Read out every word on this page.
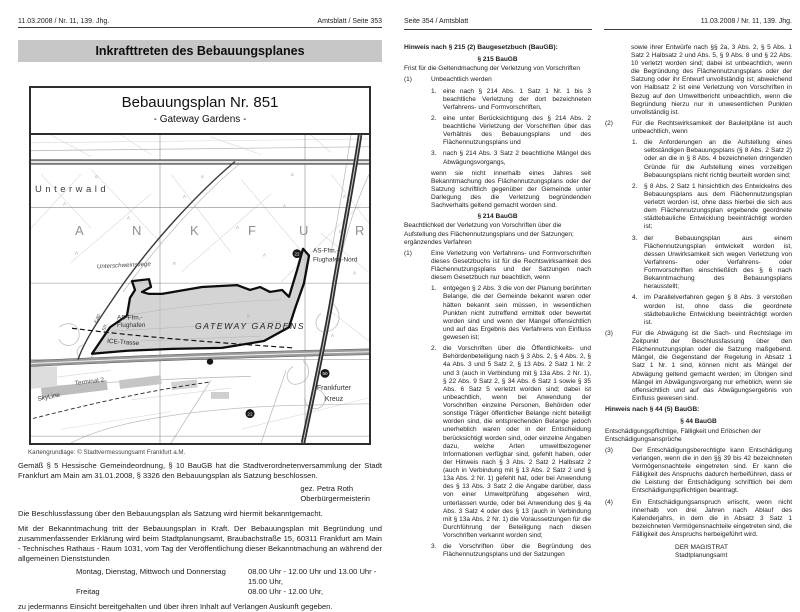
11.03.2008 / Nr. 11, 139. Jhg.	Amtsblatt / Seite 353
Inkrafttreten des Bebauungsplanes
Bebauungsplan Nr. 851
- Gateway Gardens -
22
50
22
Λ
Λ
Λ
Λ
Λ
Λ
Λ
Λ	Λ
Λ
α	α	α
α
α
α
Unterwald
A	N	K	F	U	R
Unterschweinstiege
AS-Ffm.-
Flughafen-Nord
AS-Ffm.-
Flughafen
Kap.
Str.	GATEWAY GARDENS
ICE-Trasse
SkyLine
Terminal 2
Frankfurter
Kreuz
Kartengrundlage: © Stadtvermessungsamt Frankfurt a.M.

Gemäß § 5 Hessische Gemeindeordnung, § 10 BauGB hat die Stadtverordnetenversammlung der Stadt Frankfurt am Main am 31.01.2008, § 3326 den Bebauungsplan als Satzung beschlossen.

gez. Petra Roth
Oberbürgermeisterin

Die Beschlussfassung über den Bebauungsplan als Satzung wird hiermit bekanntgemacht.

Mit der Bekanntmachung tritt der Bebauungsplan in Kraft. Der Bebauungsplan mit Begründung und zusammenfassender Erklärung wird beim Stadtplanungsamt, Braubachstraße 15, 60311 Frankfurt am Main - Technisches Rathaus - Raum 1031, vom Tag der Veröffentlichung dieser Bekanntmachung an während der allgemeinen Dienststunden

Montag, Dienstag, Mittwoch und Donnerstag	08.00 Uhr - 12.00 Uhr und 13.00 Uhr - 15.00 Uhr,
Freitag	08.00 Uhr - 12.00 Uhr,

zu jedermanns Einsicht bereitgehalten und über ihren Inhalt auf Verlangen Auskunft gegeben.

Seite 354 / Amtsblatt	11.03.2008 / Nr. 11, 139. Jhg.
Hinweis nach § 215 (2) Baugesetzbuch (BauGB):
§ 215 BauGB
Frist für die Geltendmachung der Verletzung von Vorschriften
(1)	Unbeachtlich werden
1.	eine nach § 214 Abs. 1 Satz 1 Nr. 1 bis 3 beachtliche Verletzung der dort bezeichneten Verfahrens- und Formvorschriften,
2.	eine unter Berücksichtigung des § 214 Abs. 2 beachtliche Verletzung der Vorschriften über das Verhältnis des Bebauungsplans und des Flächennutzungsplans und
3.	nach § 214 Abs. 3 Satz 2 beachtliche Mängel des Abwägungsvorgangs,
wenn sie nicht innerhalb eines Jahres seit Bekanntmachung des Flächennutzungsplans oder der Satzung schriftlich gegenüber der Gemeinde unter Darlegung des die Verletzung begründenden Sachverhalts geltend gemacht worden sind.
§ 214 BauGB
Beachtlichkeit der Verletzung von Vorschriften über die Aufstellung des Flächennutzungsplans und der Satzungen; ergänzendes Verfahren
(1)	Eine Verletzung von Verfahrens- und Formvorschriften dieses Gesetzbuchs ist für die Rechtswirksamkeit des Flächennutzungsplans und der Satzungen nach diesem Gesetzbuch nur beachtlich, wenn
1.	entgegen § 2 Abs. 3 die von der Planung berührten Belange, die der Gemeinde bekannt waren oder hätten bekannt sein müssen, in wesentlichen Punkten nicht zutreffend ermittelt oder bewertet worden sind und wenn der Mangel offensichtlich und auf das Ergebnis des Verfahrens von Einfluss gewesen ist;
2.	die Vorschriften über die Öffentlichkeits- und Behördenbeteiligung nach § 3 Abs. 2, § 4 Abs. 2, § 4a Abs. 3 und 5 Satz 2, § 13 Abs. 2 Satz 1 Nr. 2 und 3 (auch in Verbindung mit § 13a Abs. 2 Nr. 1), § 22 Abs. 9 Satz 2, § 34 Abs. 6 Satz 1 sowie § 35 Abs. 6 Satz 5 verletzt worden sind; dabei ist unbeachtlich, wenn bei Anwendung der Vorschriften einzelne Personen, Behörden oder sonstige Träger öffentlicher Belange nicht beteiligt worden sind, die entsprechenden Belange jedoch unerheblich waren oder in der Entscheidung berücksichtigt worden sind, oder einzelne Angaben dazu, welche Arten umweltbezogener Informationen verfügbar sind, gefehlt haben, oder der Hinweis nach § 3 Abs. 2 Satz 2 Halbsatz 2 (auch in Verbindung mit § 13 Abs. 2 Satz 2 und § 13a Abs. 2 Nr. 1) gefehlt hat, oder bei Anwendung des § 13 Abs. 3 Satz 2 die Angabe darüber, dass von einer Umweltprüfung abgesehen wird, unterlassen wurde, oder bei Anwendung des § 4a Abs. 3 Satz 4 oder des § 13 (auch in Verbindung mit § 13a Abs. 2 Nr. 1) die Voraussetzungen für die Durchführung der Beteiligung nach diesen Vorschriften verkannt worden sind;
3.	die Vorschriften über die Begründung des Flächennutzungsplans und der Satzungen
sowie ihrer Entwürfe nach §§ 2a, 3 Abs. 2, § 5 Abs. 1 Satz 2 Halbsatz 2 und Abs. 5, § 9 Abs. 8 und § 22 Abs. 10 verletzt worden sind; dabei ist unbeachtlich, wenn die Begründung des Flächennutzungsplans oder der Satzung oder ihr Entwurf unvollständig ist; abweichend von Halbsatz 2 ist eine Verletzung von Vorschriften in Bezug auf den Umweltbericht unbeachtlich, wenn die Begründung hierzu nur in unwesentlichen Punkten unvollständig ist.
(2)	Für die Rechtswirksamkeit der Bauleitpläne ist auch unbeachtlich, wenn
1.	die Anforderungen an die Aufstellung eines selbständigen Bebauungsplans (§ 8 Abs. 2 Satz 2) oder an die in § 8 Abs. 4 bezeichneten dringenden Gründe für die Aufstellung eines vorzeitigen Bebauungsplans nicht richtig beurteilt worden sind;
2.	§ 8 Abs. 2 Satz 1 hinsichtlich des Entwickelns des Bebauungsplans aus dem Flächennutzungsplan verletzt worden ist, ohne dass hierbei die sich aus dem Flächennutzungsplan ergebende geordnete städtebauliche Entwicklung beeinträchtigt worden ist;
3.	der Bebauungsplan aus einem Flächennutzungsplan entwickelt worden ist, dessen Unwirksamkeit sich wegen Verletzung von Verfahrens- oder Verfahrens- oder Formvorschriften einschließlich des § 6 nach Bekanntmachung des Bebauungsplans herausstellt;
4.	im Parallelverfahren gegen § 8 Abs. 3 verstoßen worden ist, ohne dass die geordnete städtebauliche Entwicklung beeinträchtigt worden ist.
(3)	Für die Abwägung ist die Sach- und Rechtslage im Zeitpunkt der Beschlussfassung über den Flächennutzungsplan oder die Satzung maßgebend. Mängel, die Gegenstand der Regelung in Absatz 1 Satz 1 Nr. 1 sind, können nicht als Mängel der Abwägung geltend gemacht werden; im Übrigen sind Mängel im Abwägungsvorgang nur erheblich, wenn sie offensichtlich und auf das Abwägungsergebnis von Einfluss gewesen sind.
Hinweis nach § 44 (5) BauGB:
§ 44 BauGB
Entschädigungspflichtige, Fälligkeit und Erlöschen der Entschädigungsansprüche
(3)	Der Entschädigungsberechtigte kann Entschädigung verlangen, wenn die in den §§ 39 bis 42 bezeichneten Vermögensnachteile eingetreten sind. Er kann die Fälligkeit des Anspruchs dadurch herbeiführen, dass er die Leistung der Entschädigung schriftlich bei dem Entschädigungspflichtigen beantragt.
(4)	Ein Entschädigungsanspruch erlischt, wenn nicht innerhalb von drei Jahren nach Ablauf des Kalenderjahrs, in dem die in Absatz 3 Satz 1 bezeichneten Vermögensnachteile eingetreten sind, die Fälligkeit des Anspruchs herbeigeführt wird.
DER MAGISTRAT
Stadtplanungsamt
